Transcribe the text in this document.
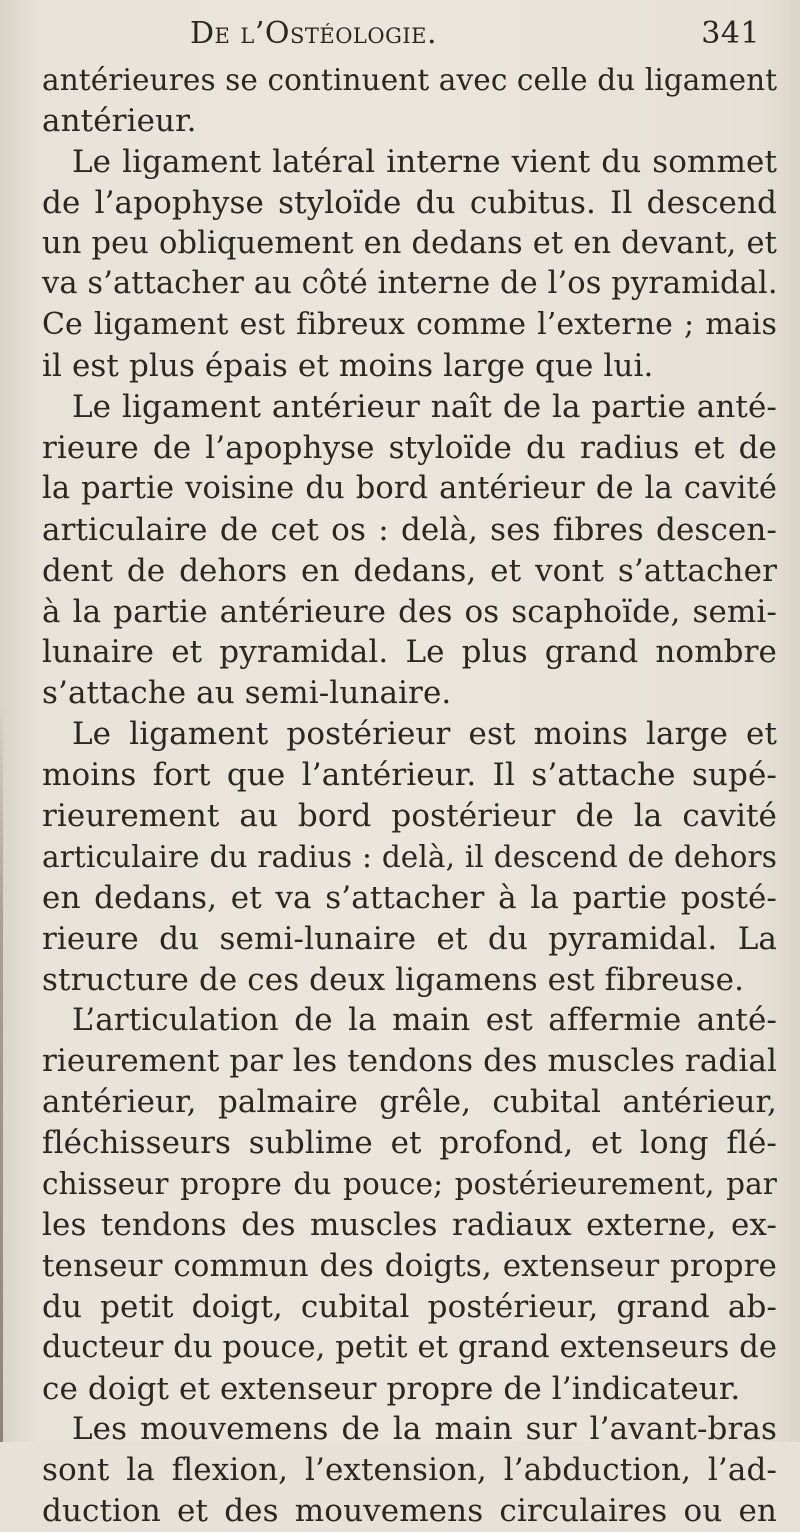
De l’Ostéologie.	341
antérieures se continuent avec celle du ligament
antérieur.
Le ligament latéral interne vient du sommet
de l’apophyse styloïde du cubitus. Il descend
un peu obliquement en dedans et en devant, et
va s’attacher au côté interne de l’os pyramidal.
Ce ligament est fibreux comme l’externe ; mais
il est plus épais et moins large que lui.
Le ligament antérieur naît de la partie anté-
rieure de l’apophyse styloïde du radius et de
la partie voisine du bord antérieur de la cavité
articulaire de cet os : delà, ses fibres descen-
dent de dehors en dedans, et vont s’attacher
à la partie antérieure des os scaphoïde, semi-
lunaire et pyramidal. Le plus grand nombre
s’attache au semi-lunaire.
Le ligament postérieur est moins large et
moins fort que l’antérieur. Il s’attache supé-
rieurement au bord postérieur de la cavité
articulaire du radius : delà, il descend de dehors
en dedans, et va s’attacher à la partie posté-
rieure du semi-lunaire et du pyramidal. La
structure de ces deux ligamens est fibreuse.
L’articulation de la main est affermie anté-
rieurement par les tendons des muscles radial
antérieur, palmaire grêle, cubital antérieur,
fléchisseurs sublime et profond, et long flé-
chisseur propre du pouce; postérieurement, par
les tendons des muscles radiaux externe, ex-
tenseur commun des doigts, extenseur propre
du petit doigt, cubital postérieur, grand ab-
ducteur du pouce, petit et grand extenseurs de
ce doigt et extenseur propre de l’indicateur.
Les mouvemens de la main sur l’avant-bras
sont la flexion, l’extension, l’abduction, l’ad-
duction et des mouvemens circulaires ou en
